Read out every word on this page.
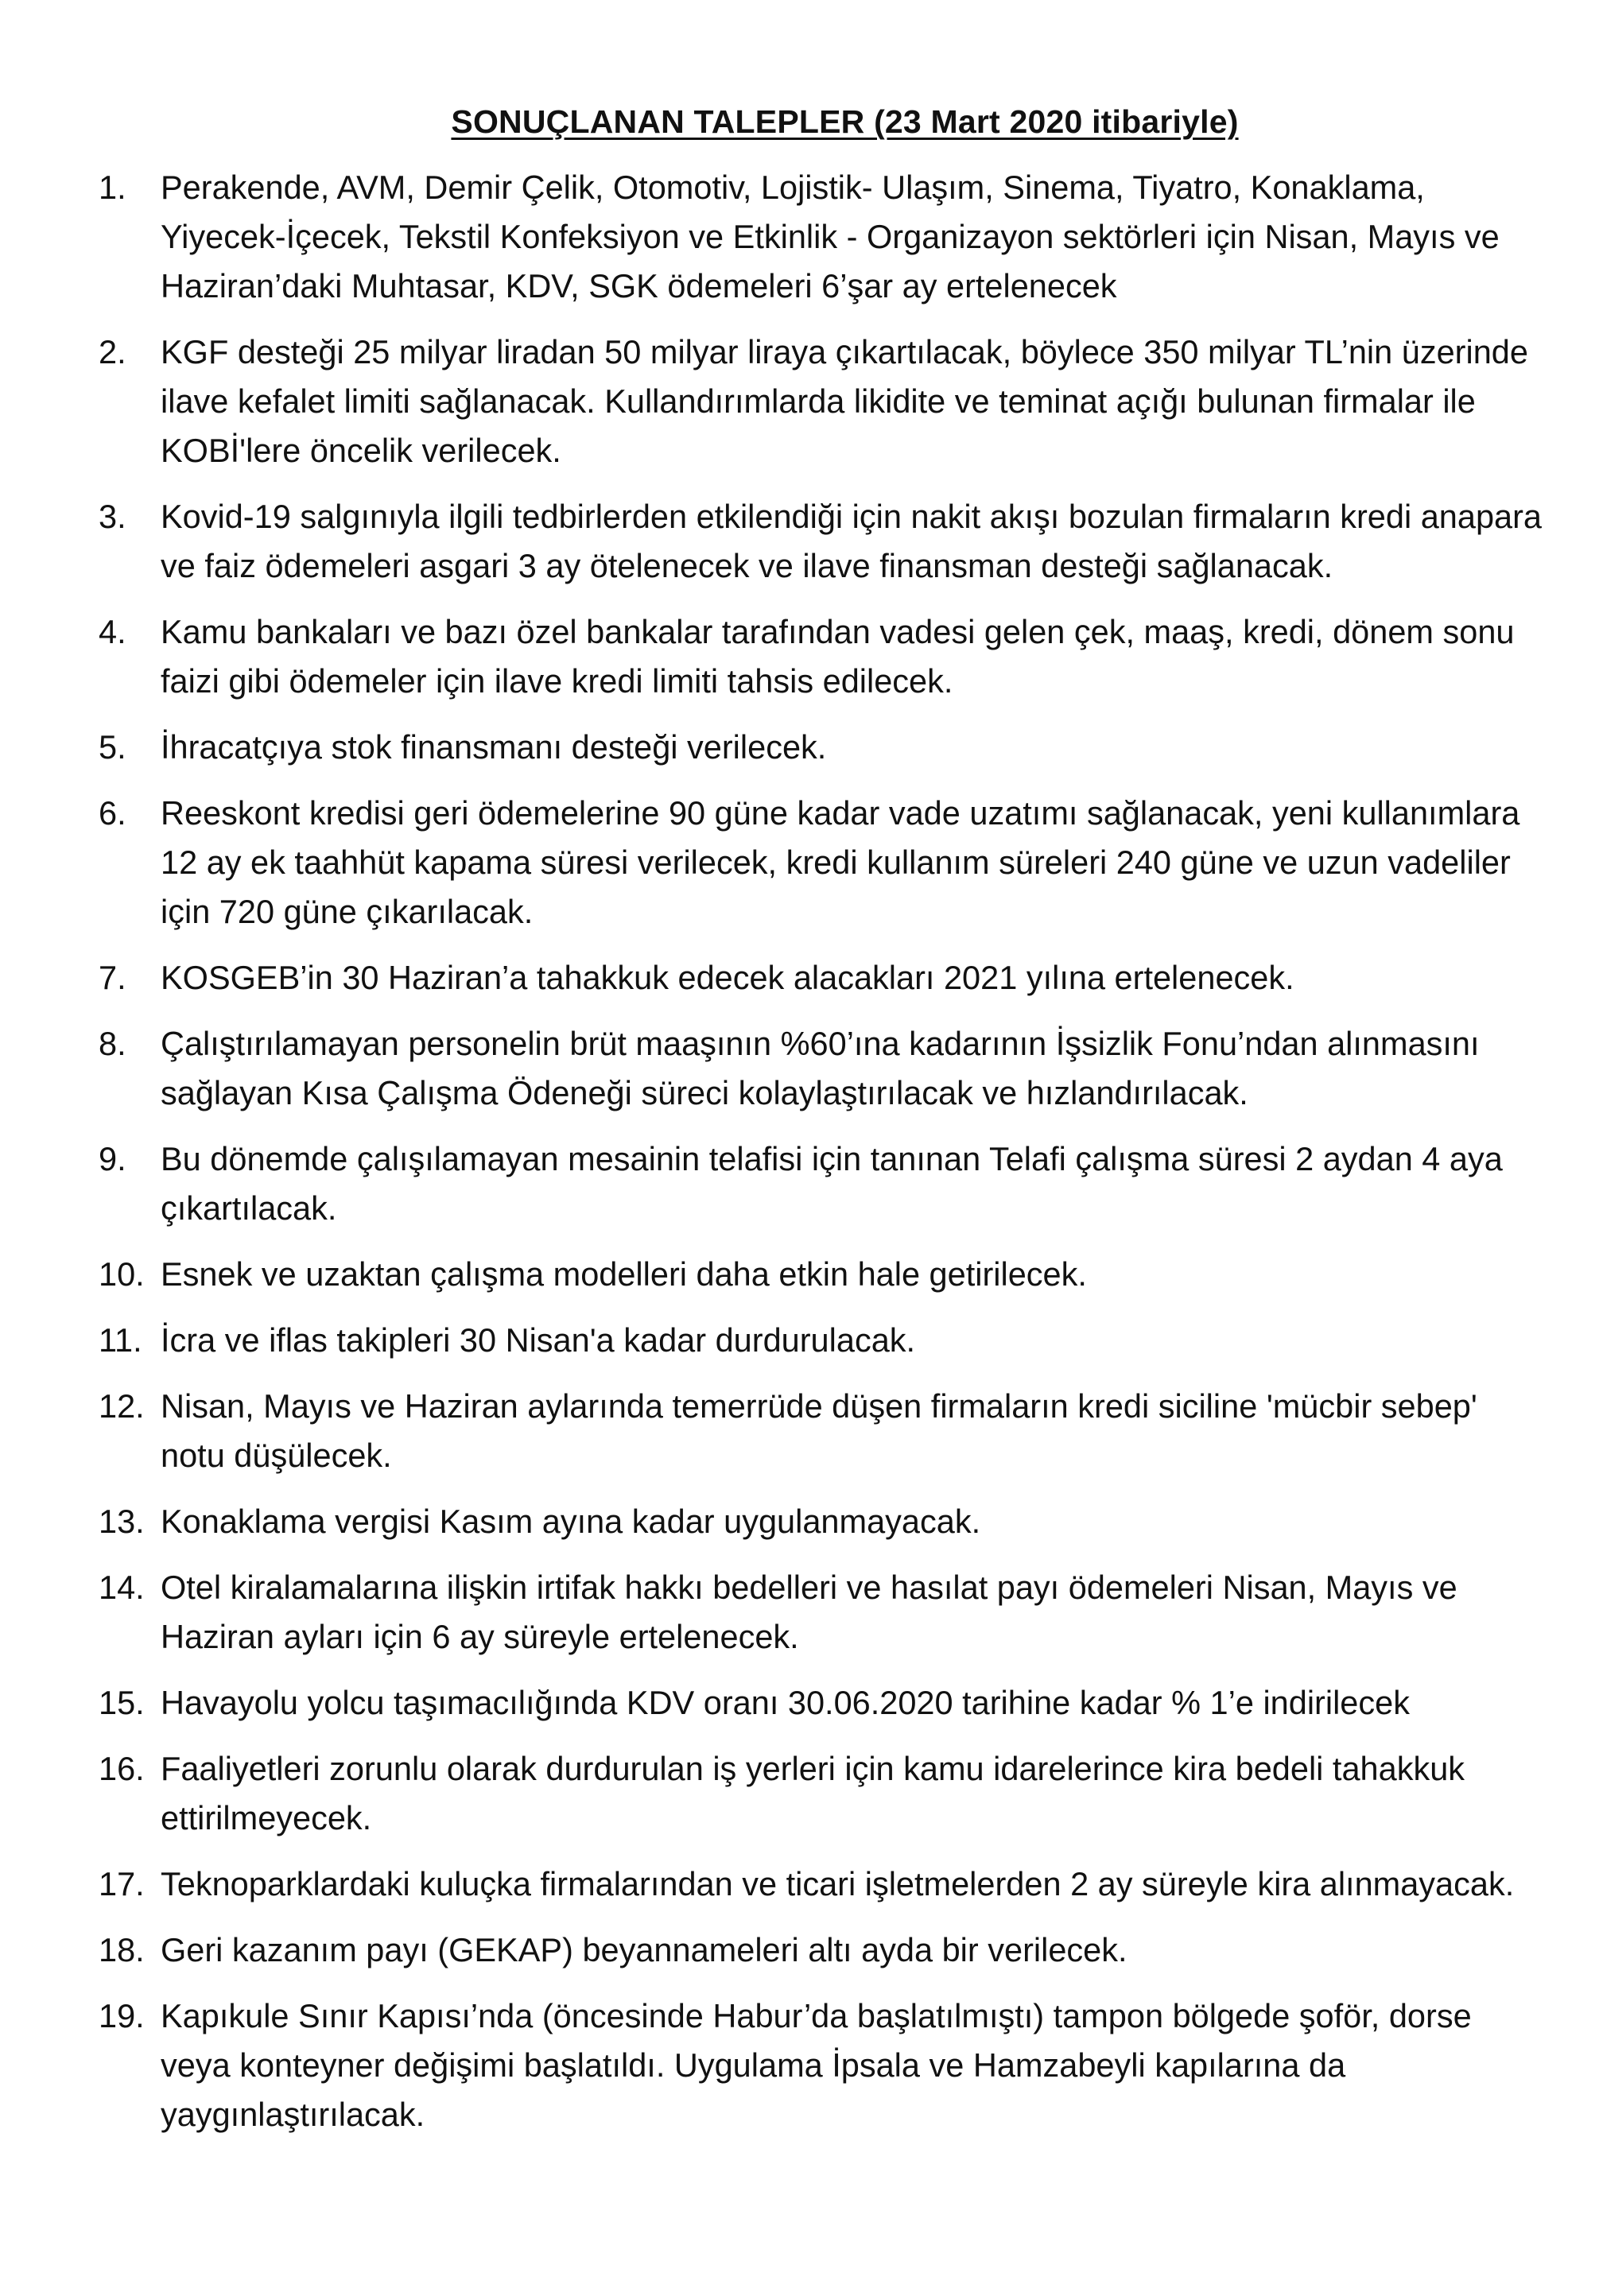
SONUÇLANAN TALEPLER (23 Mart 2020 itibariyle)
1.	Perakende, AVM, Demir Çelik, Otomotiv, Lojistik- Ulaşım, Sinema, Tiyatro, Konaklama, Yiyecek-İçecek, Tekstil Konfeksiyon ve Etkinlik - Organizayon sektörleri için Nisan, Mayıs ve Haziran’daki Muhtasar, KDV, SGK ödemeleri 6’şar ay ertelenecek
2.	KGF desteği 25 milyar liradan 50 milyar liraya çıkartılacak, böylece 350 milyar TL’nin üzerinde ilave kefalet limiti sağlanacak. Kullandırımlarda likidite ve teminat açığı bulunan firmalar ile KOBİ'lere öncelik verilecek.
3.	Kovid-19 salgınıyla ilgili tedbirlerden etkilendiği için nakit akışı bozulan firmaların kredi anapara ve faiz ödemeleri asgari 3 ay ötelenecek ve ilave finansman desteği sağlanacak.
4.	Kamu bankaları ve bazı özel bankalar tarafından vadesi gelen çek, maaş, kredi, dönem sonu faizi gibi ödemeler için ilave kredi limiti tahsis edilecek.
5.	İhracatçıya stok finansmanı desteği verilecek.
6.	Reeskont kredisi geri ödemelerine 90 güne kadar vade uzatımı sağlanacak, yeni kullanımlara 12 ay ek taahhüt kapama süresi verilecek, kredi kullanım süreleri 240 güne ve uzun vadeliler için 720 güne çıkarılacak.
7.	KOSGEB’in 30 Haziran’a tahakkuk edecek alacakları 2021 yılına ertelenecek.
8.	Çalıştırılamayan personelin brüt maaşının %60’ına kadarının İşsizlik Fonu’ndan alınmasını sağlayan Kısa Çalışma Ödeneği süreci kolaylaştırılacak ve hızlandırılacak.
9.	Bu dönemde çalışılamayan mesainin telafisi için tanınan Telafi çalışma süresi 2 aydan 4 aya çıkartılacak.
10. Esnek ve uzaktan çalışma modelleri daha etkin hale getirilecek.
11. İcra ve iflas takipleri 30 Nisan'a kadar durdurulacak.
12. Nisan, Mayıs ve Haziran aylarında temerrüde düşen firmaların kredi siciline 'mücbir sebep' notu düşülecek.
13. Konaklama vergisi Kasım ayına kadar uygulanmayacak.
14. Otel kiralamalarına ilişkin irtifak hakkı bedelleri ve hasılat payı ödemeleri Nisan, Mayıs ve Haziran ayları için 6 ay süreyle ertelenecek.
15. Havayolu yolcu taşımacılığında KDV oranı 30.06.2020 tarihine kadar % 1’e indirilecek
16. Faaliyetleri zorunlu olarak durdurulan iş yerleri için kamu idarelerince kira bedeli tahakkuk ettirilmeyecek.
17. Teknoparklardaki kuluçka firmalarından ve ticari işletmelerden 2 ay süreyle kira alınmayacak.
18. Geri kazanım payı (GEKAP) beyannameleri altı ayda bir verilecek.
19. Kapıkule Sınır Kapısı’nda (öncesinde Habur’da başlatılmıştı) tampon bölgede şoför, dorse veya konteyner değişimi başlatıldı. Uygulama İpsala ve Hamzabeyli kapılarına da yaygınlaştırılacak.
